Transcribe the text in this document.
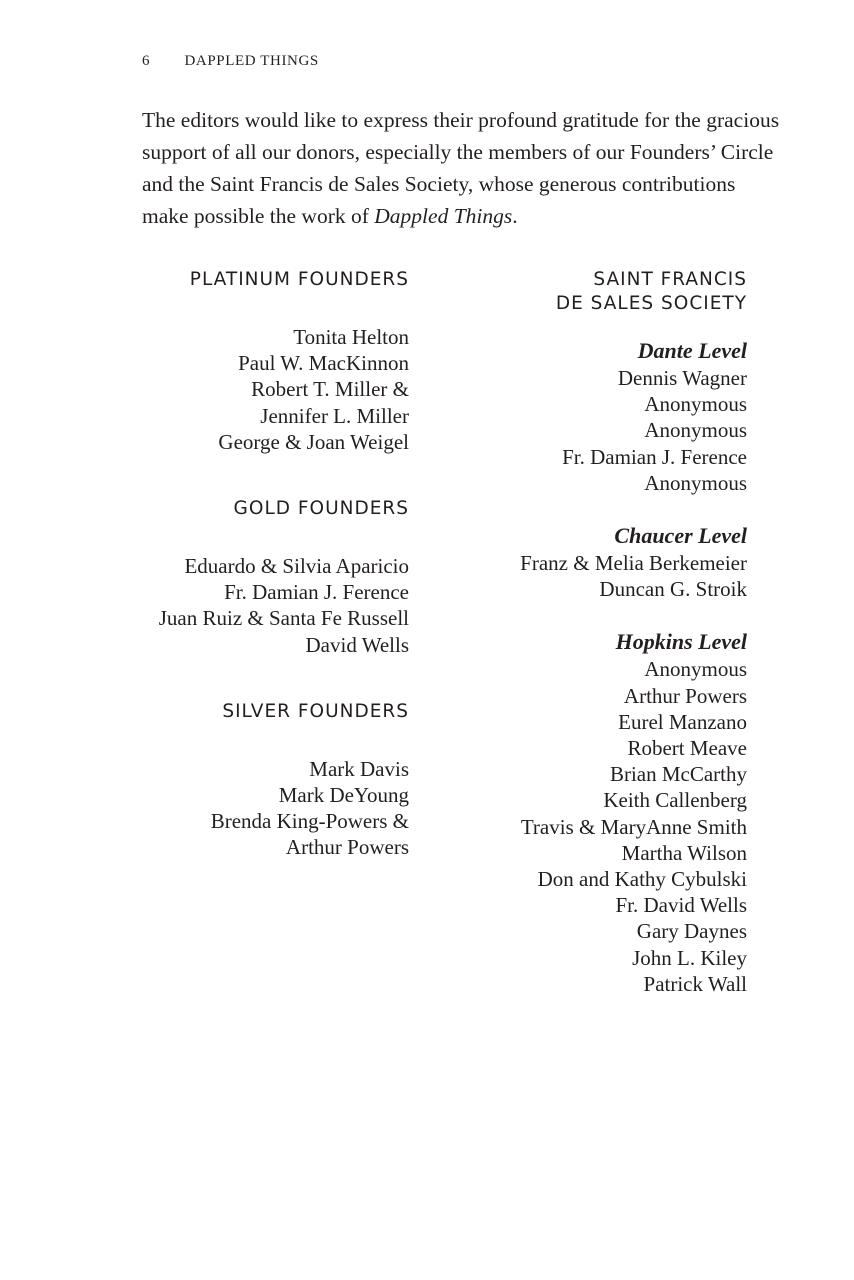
6 DAPPLED THINGS

The editors would like to express their profound gratitude for the gracious support of all our donors, especially the members of our Founders’ Circle and the Saint Francis de Sales Society, whose generous contributions make possible the work of Dappled Things.

PLATINUM FOUNDERS
Tonita Helton
Paul W. MacKinnon
Robert T. Miller &
Jennifer L. Miller
George & Joan Weigel
GOLD FOUNDERS
Eduardo & Silvia Aparicio
Fr. Damian J. Ference
Juan Ruiz & Santa Fe Russell
David Wells
SILVER FOUNDERS
Mark Davis
Mark DeYoung
Brenda King-Powers &
Arthur Powers
SAINT FRANCIS
DE SALES SOCIETY

Dante Level

Dennis Wagner
Anonymous
Anonymous
Fr. Damian J. Ference
Anonymous

Chaucer Level

Franz & Melia Berkemeier
Duncan G. Stroik

Hopkins Level

Anonymous
Arthur Powers
Eurel Manzano
Robert Meave
Brian McCarthy
Keith Callenberg
Travis & MaryAnne Smith
Martha Wilson
Don and Kathy Cybulski
Fr. David Wells
Gary Daynes
John L. Kiley
Patrick Wall
